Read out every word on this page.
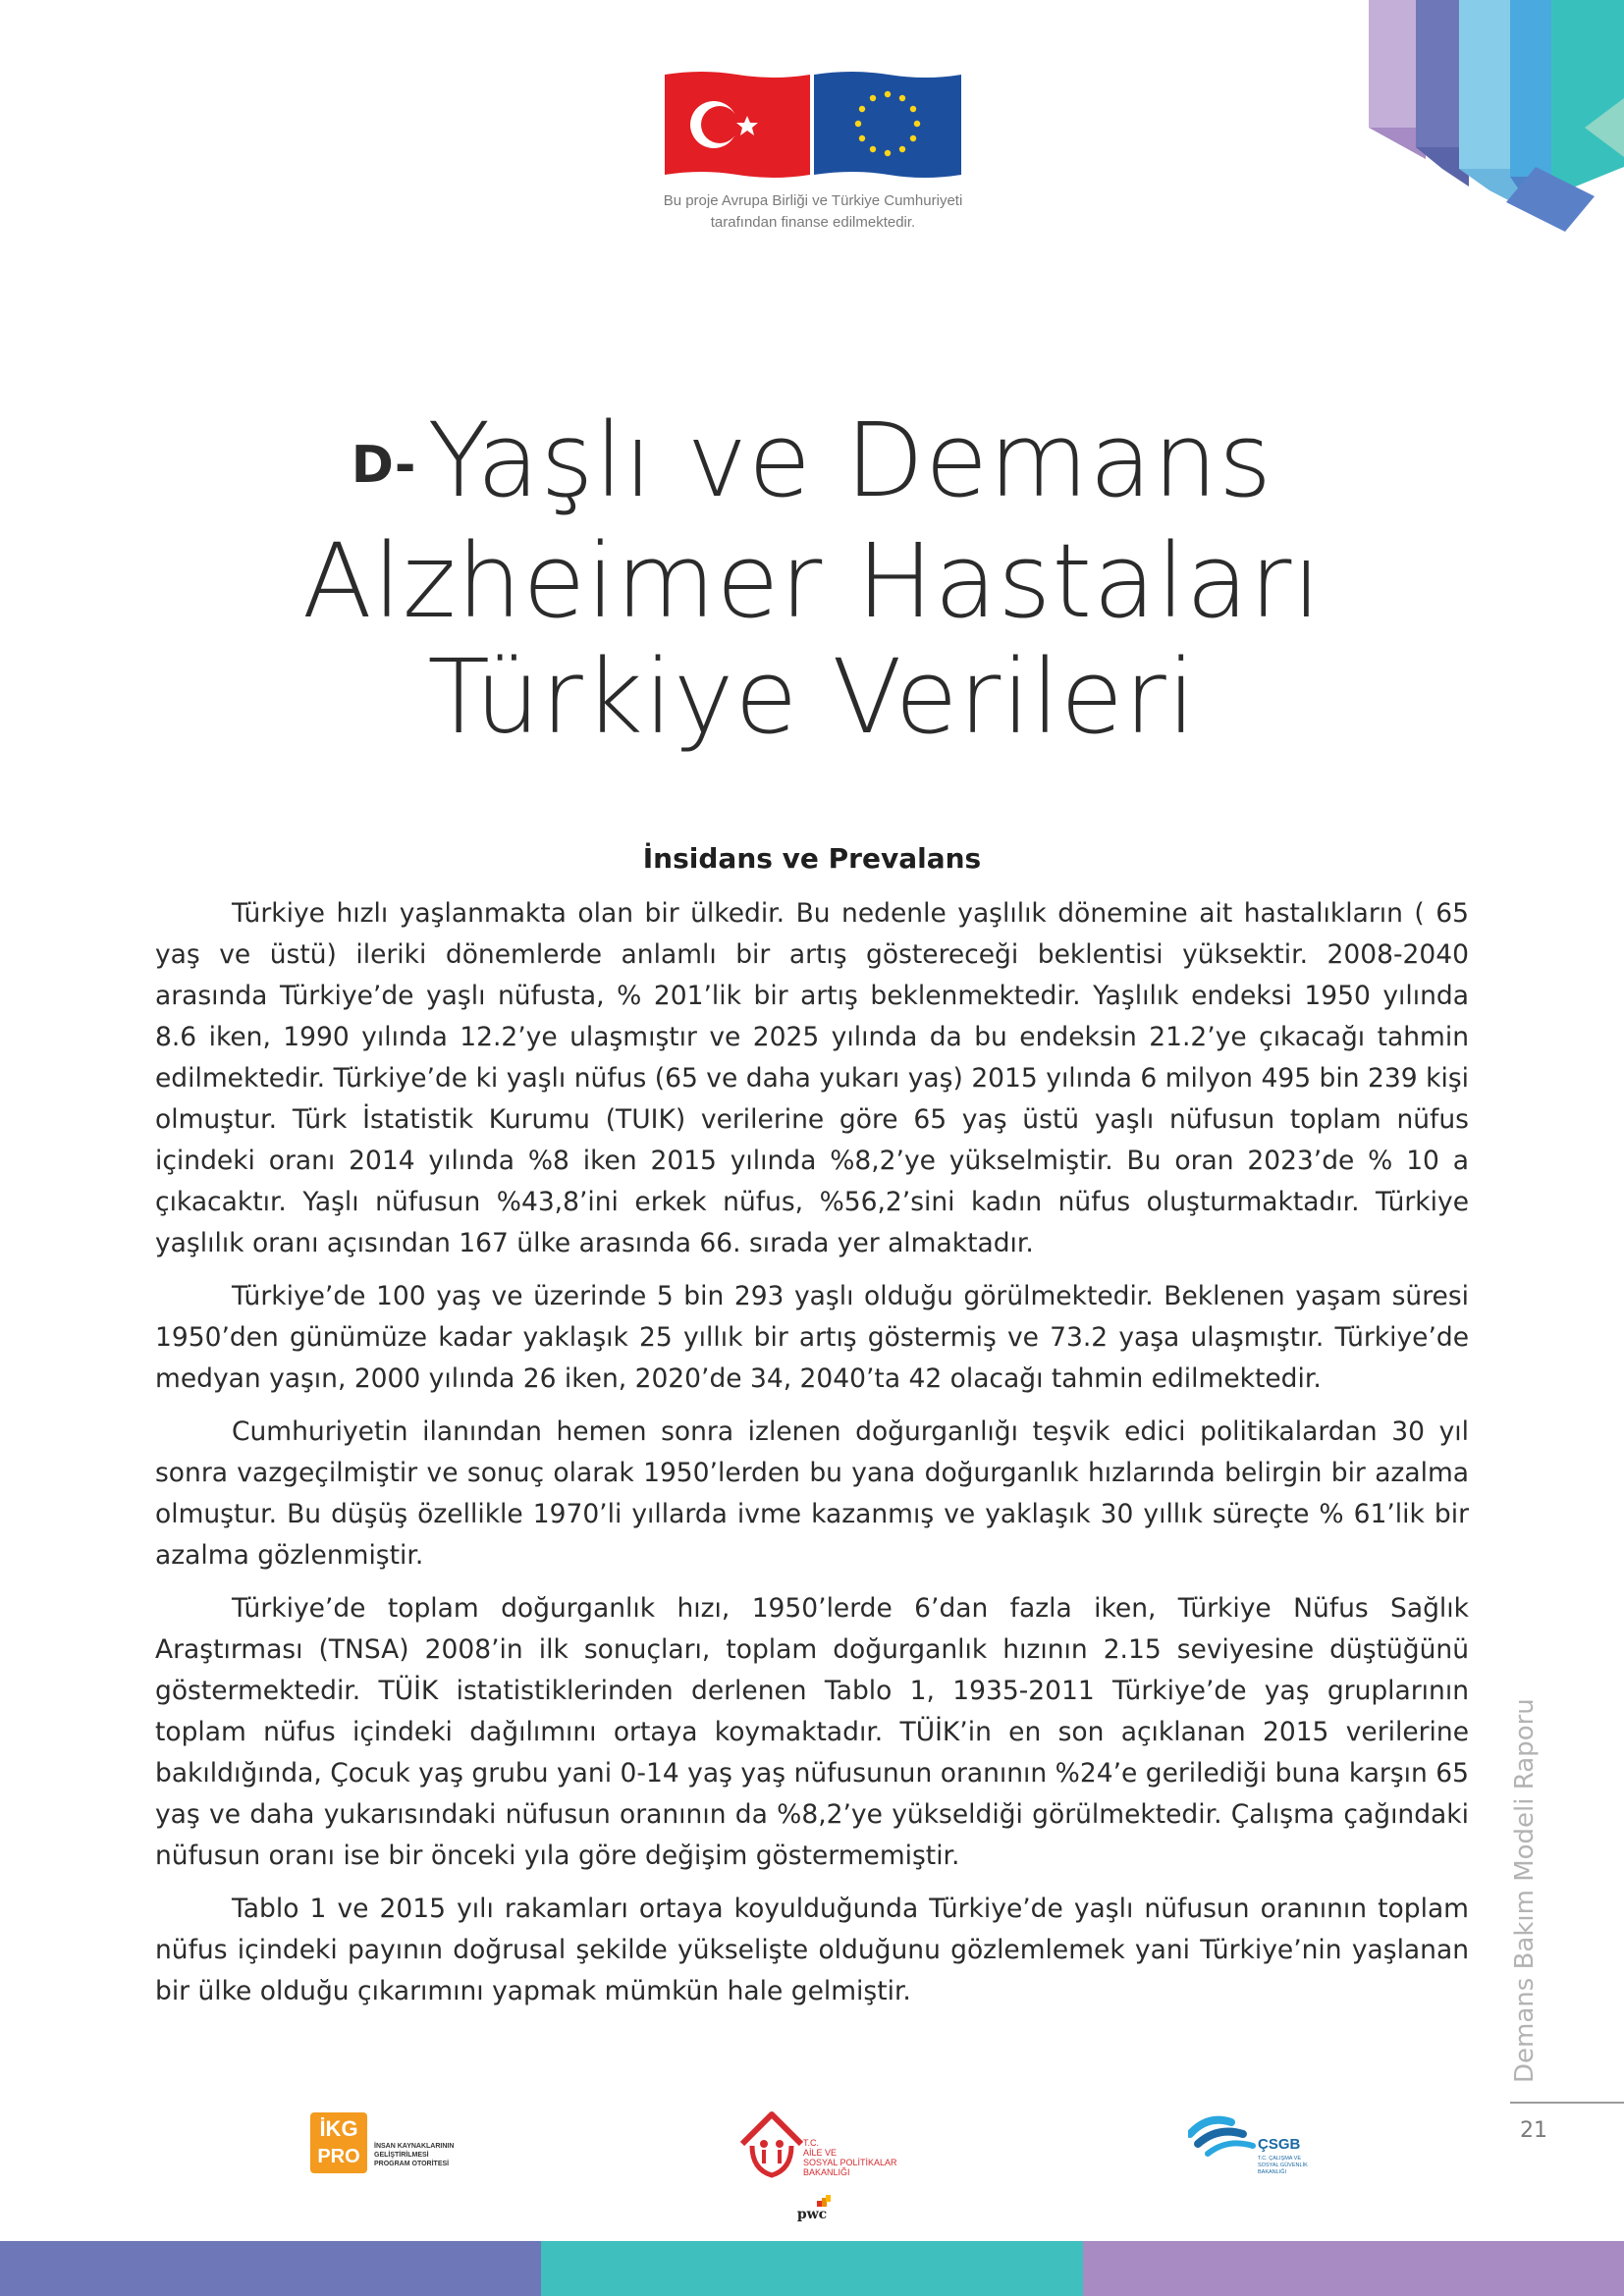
Bu proje Avrupa Birliği ve Türkiye Cumhuriyeti
tarafından finanse edilmektedir.
D- Yaşlı ve Demans
Alzheimer Hastaları
Türkiye Verileri
İnsidans ve Prevalans

Türkiye hızlı yaşlanmakta olan bir ülkedir. Bu nedenle yaşlılık dönemine ait hastalıkların ( 65 yaş ve üstü) ileriki dönemlerde anlamlı bir artış göstereceği beklentisi yüksektir. 2008-2040 arasında Türkiye’de yaşlı nüfusta, % 201’lik bir artış beklenmektedir. Yaşlılık endeksi 1950 yılında 8.6 iken, 1990 yılında 12.2’ye ulaşmıştır ve 2025 yılında da bu endeksin 21.2’ye çıkacağı tahmin edilmektedir. Türkiye’de ki yaşlı nüfus (65 ve daha yukarı yaş) 2015 yılında 6 milyon 495 bin 239 kişi olmuştur. Türk İstatistik Kurumu (TUIK) verilerine göre 65 yaş üstü yaşlı nüfusun toplam nüfus içindeki oranı 2014 yılında %8 iken 2015 yılında %8,2’ye yükselmiştir. Bu oran 2023’de % 10 a çıkacaktır. Yaşlı nüfusun %43,8’ini erkek nüfus, %56,2’sini kadın nüfus oluşturmaktadır. Türkiye yaşlılık oranı açısından 167 ülke arasında 66. sırada yer almaktadır.

Türkiye’de 100 yaş ve üzerinde 5 bin 293 yaşlı olduğu görülmektedir. Beklenen yaşam süresi 1950’den günümüze kadar yaklaşık 25 yıllık bir artış göstermiş ve 73.2 yaşa ulaşmıştır. Türkiye’de medyan yaşın, 2000 yılında 26 iken, 2020’de 34, 2040’ta 42 olacağı tahmin edilmektedir.

Cumhuriyetin ilanından hemen sonra izlenen doğurganlığı teşvik edici politikalardan 30 yıl sonra vazgeçilmiştir ve sonuç olarak 1950’lerden bu yana doğurganlık hızlarında belirgin bir azalma olmuştur. Bu düşüş özellikle 1970’li yıllarda ivme kazanmış ve yaklaşık 30 yıllık süreçte % 61’lik bir azalma gözlenmiştir.

Türkiye’de toplam doğurganlık hızı, 1950’lerde 6’dan fazla iken, Türkiye Nüfus Sağlık Araştırması (TNSA) 2008’in ilk sonuçları, toplam doğurganlık hızının 2.15 seviyesine düştüğünü göstermektedir. TÜİK istatistiklerinden derlenen Tablo 1, 1935-2011 Türkiye’de yaş gruplarının toplam nüfus içindeki dağılımını ortaya koymaktadır. TÜİK’in en son açıklanan 2015 verilerine bakıldığında, Çocuk yaş grubu yani 0-14 yaş yaş nüfusunun oranının %24’e gerilediği buna karşın 65 yaş ve daha yukarısındaki nüfusun oranının da %8,2’ye yükseldiği görülmektedir. Çalışma çağındaki nüfusun oranı ise bir önceki yıla göre değişim göstermemiştir.

Tablo 1 ve 2015 yılı rakamları ortaya koyulduğunda Türkiye’de yaşlı nüfusun oranının toplam nüfus içindeki payının doğrusal şekilde yükselişte olduğunu gözlemlemek yani Türkiye’nin yaşlanan bir ülke olduğu çıkarımını yapmak mümkün hale gelmiştir.	Demans Bakım Modeli Raporu
21
İKG
PRO	İNSAN KAYNAKLARININ
GELİŞTİRİLMESİ
PROGRAM OTORİTESİ
T.C.
AİLE VE
SOSYAL POLİTİKALAR
BAKANLIĞI
pwc
ÇSGB
T.C. ÇALIŞMA VE
SOSYAL GÜVENLİK
BAKANLIĞI
